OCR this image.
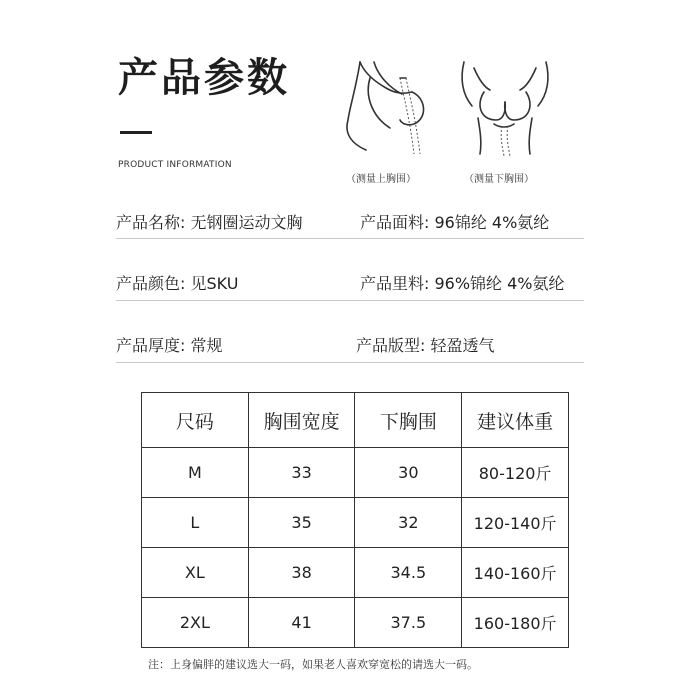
产品参数
PRODUCT INFORMATION
（测量上胸围）	（测量下胸围）
产品名称: 无钢圈运动文胸	产品面料: 96锦纶 4%氨纶
产品颜色: 见SKU	产品里料: 96%锦纶 4%氨纶
产品厚度: 常规	产品版型: 轻盈透气
尺码	胸围宽度	下胸围	建议体重
M	33	30	80-120斤
L	35	32	120-140斤
XL	38	34.5	140-160斤
2XL	41	37.5	160-180斤
注：上身偏胖的建议选大一码，如果老人喜欢穿宽松的请选大一码。
